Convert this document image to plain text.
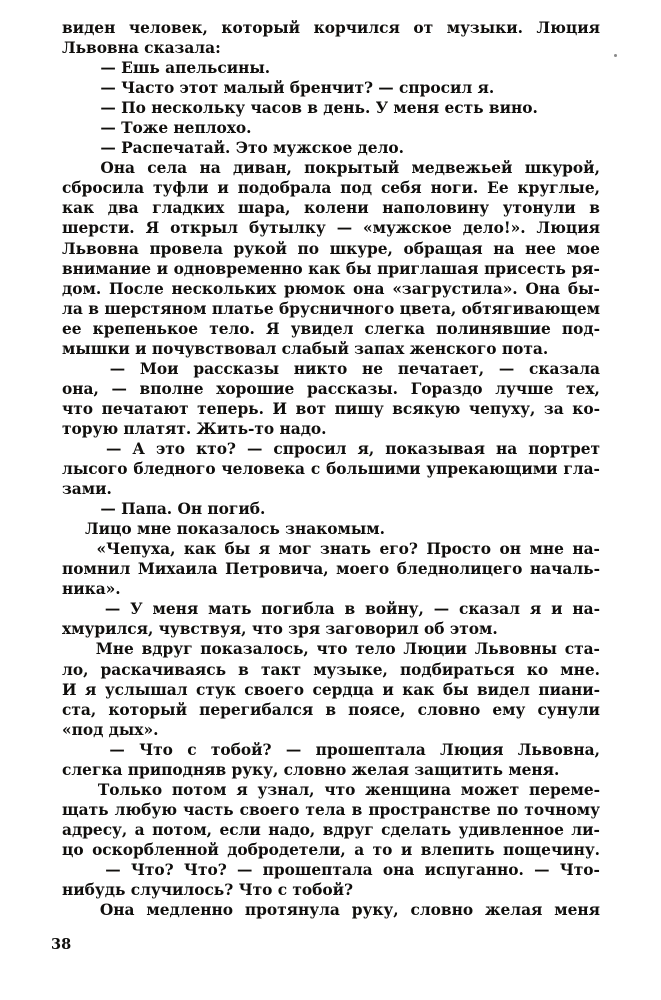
виден человек, который корчился от музыки. Люция
Львовна сказала:
   — Ешь апельсины.
   — Часто этот малый бренчит? — спросил я.
   — По нескольку часов в день. У меня есть вино.
   — Тоже неплохо.
   — Распечатай. Это мужское дело.
Она села на диван, покрытый медвежьей шкурой,
сбросила туфли и подобрала под себя ноги. Ее круглые,
как два гладких шара, колени наполовину утонули в
шерсти. Я открыл бутылку — «мужское дело!». Люция
Львовна провела рукой по шкуре, обращая на нее мое
внимание и одновременно как бы приглашая присесть ря-
дом. После нескольких рюмок она «загрустила». Она бы-
ла в шерстяном платье брусничного цвета, обтягивающем
ее крепенькое тело. Я увидел слегка полинявшие под-
мышки и почувствовал слабый запах женского пота.
— Мои рассказы никто не печатает, — сказала
она, — вполне хорошие рассказы. Гораздо лучше тех,
что печатают теперь. И вот пишу всякую чепуху, за ко-
торую платят. Жить-то надо.
— А это кто? — спросил я, показывая на портрет
лысого бледного человека с большими упрекающими гла-
зами.
   — Папа. Он погиб.
  Лицо мне показалось знакомым.
«Чепуха, как бы я мог знать его? Просто он мне на-
помнил Михаила Петровича, моего бледнолицего началь-
ника».
— У меня мать погибла в войну, — сказал я и на-
хмурился, чувствуя, что зря заговорил об этом.
Мне вдруг показалось, что тело Люции Львовны ста-
ло, раскачиваясь в такт музыке, подбираться ко мне.
И я услышал стук своего сердца и как бы видел пиани-
ста, который перегибался в поясе, словно ему сунули
«под дых».
— Что с тобой? — прошептала Люция Львовна,
слегка приподняв руку, словно желая защитить меня.
Только потом я узнал, что женщина может переме-
щать любую часть своего тела в пространстве по точному
адресу, а потом, если надо, вдруг сделать удивленное ли-
цо оскорбленной добродетели, а то и влепить пощечину.
— Что? Что? — прошептала она испуганно. — Что-
нибудь случилось? Что с тобой?
Она медленно протянула руку, словно желая меня
38
